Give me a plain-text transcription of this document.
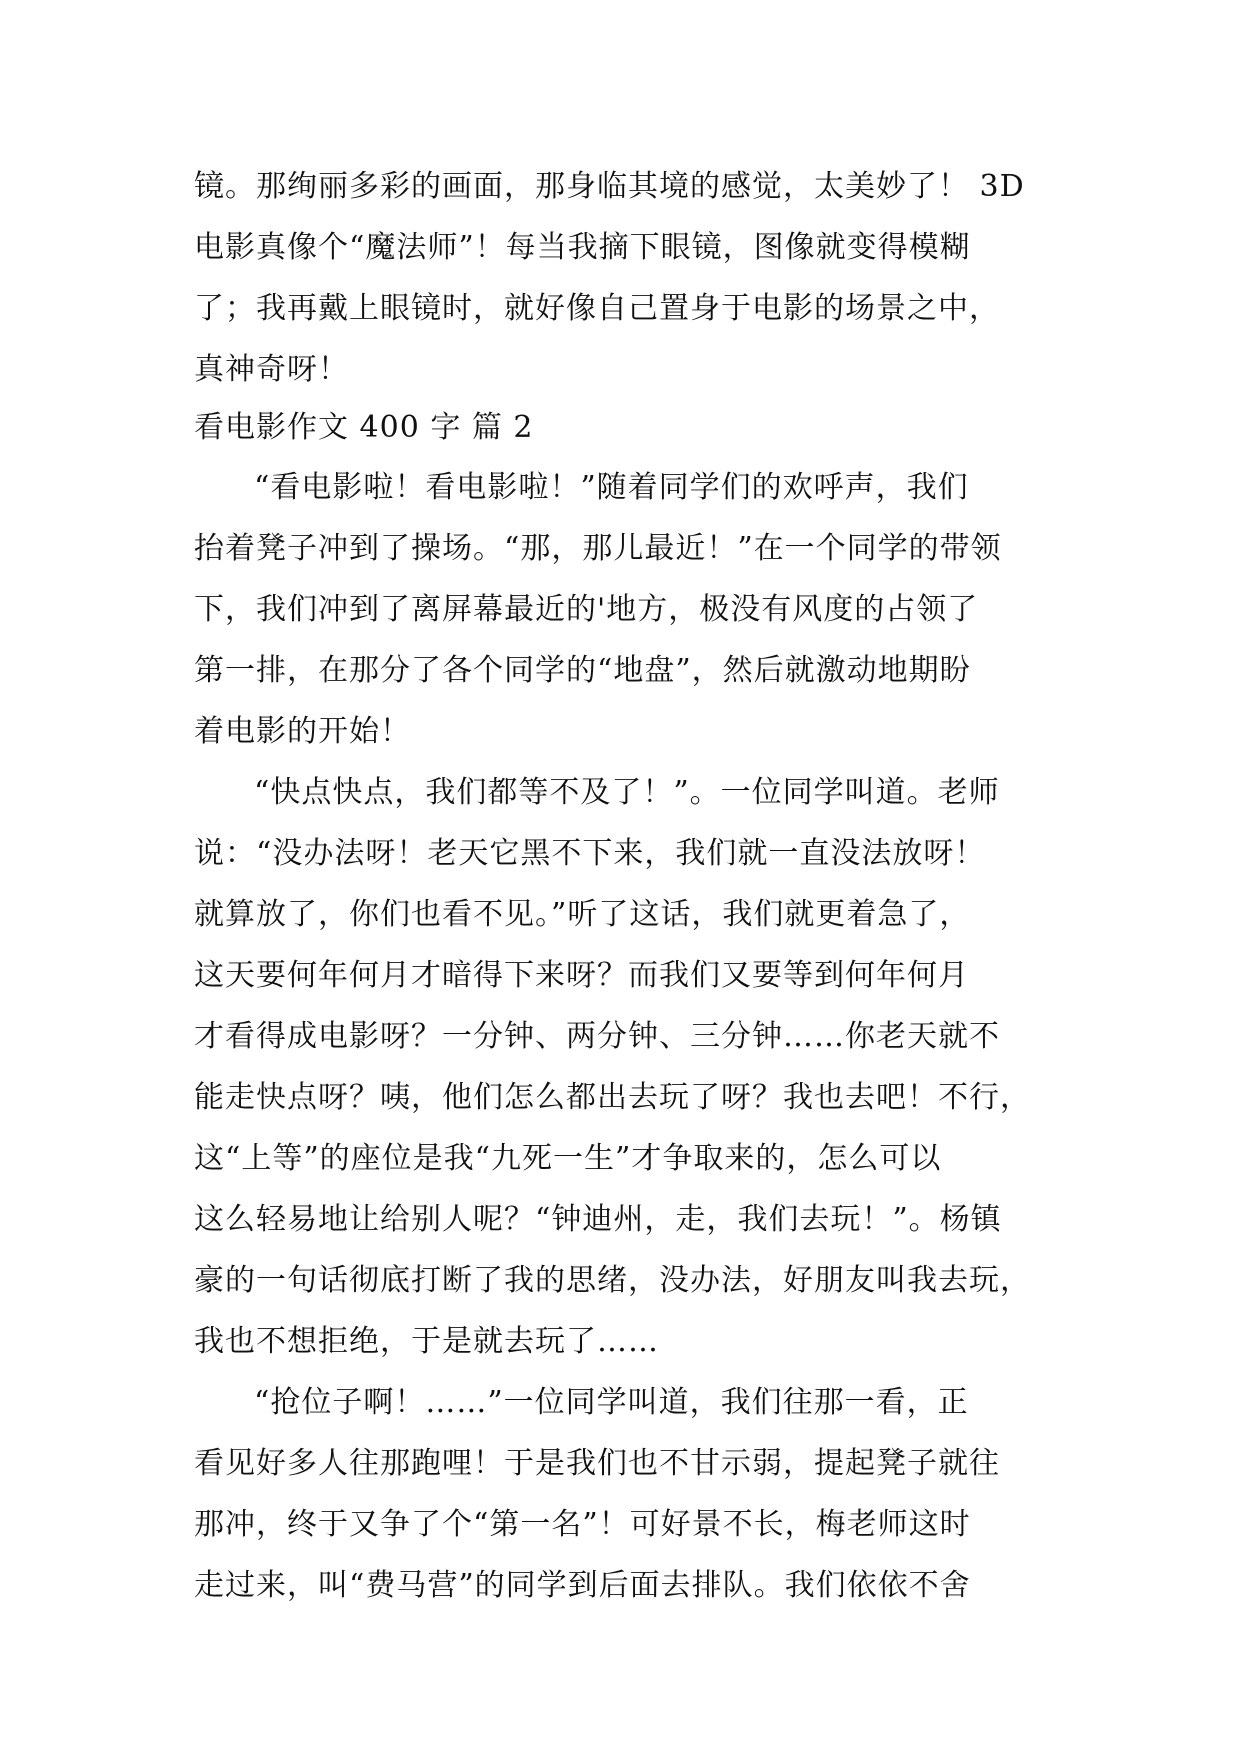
镜。那绚丽多彩的画面，那身临其境的感觉，太美妙了！ 3D
电影真像个“魔法师”！每当我摘下眼镜，图像就变得模糊
了；我再戴上眼镜时，就好像自己置身于电影的场景之中，
真神奇呀！
看电影作文 400 字 篇 2
“看电影啦！看电影啦！”随着同学们的欢呼声，我们
抬着凳子冲到了操场。“那，那儿最近！”在一个同学的带领
下，我们冲到了离屏幕最近的'地方，极没有风度的占领了
第一排，在那分了各个同学的“地盘”，然后就激动地期盼
着电影的开始！
“快点快点，我们都等不及了！”。一位同学叫道。老师
说：“没办法呀！老天它黑不下来，我们就一直没法放呀！
就算放了，你们也看不见。”听了这话，我们就更着急了，
这天要何年何月才暗得下来呀？而我们又要等到何年何月
才看得成电影呀？一分钟、两分钟、三分钟……你老天就不
能走快点呀？咦，他们怎么都出去玩了呀？我也去吧！不行，
这“上等”的座位是我“九死一生”才争取来的，怎么可以
这么轻易地让给别人呢？“钟迪州，走，我们去玩！”。杨镇
豪的一句话彻底打断了我的思绪，没办法，好朋友叫我去玩，
我也不想拒绝，于是就去玩了……
“抢位子啊！……”一位同学叫道，我们往那一看，正
看见好多人往那跑哩！于是我们也不甘示弱，提起凳子就往
那冲，终于又争了个“第一名”！可好景不长，梅老师这时
走过来，叫“费马营”的同学到后面去排队。我们依依不舍
